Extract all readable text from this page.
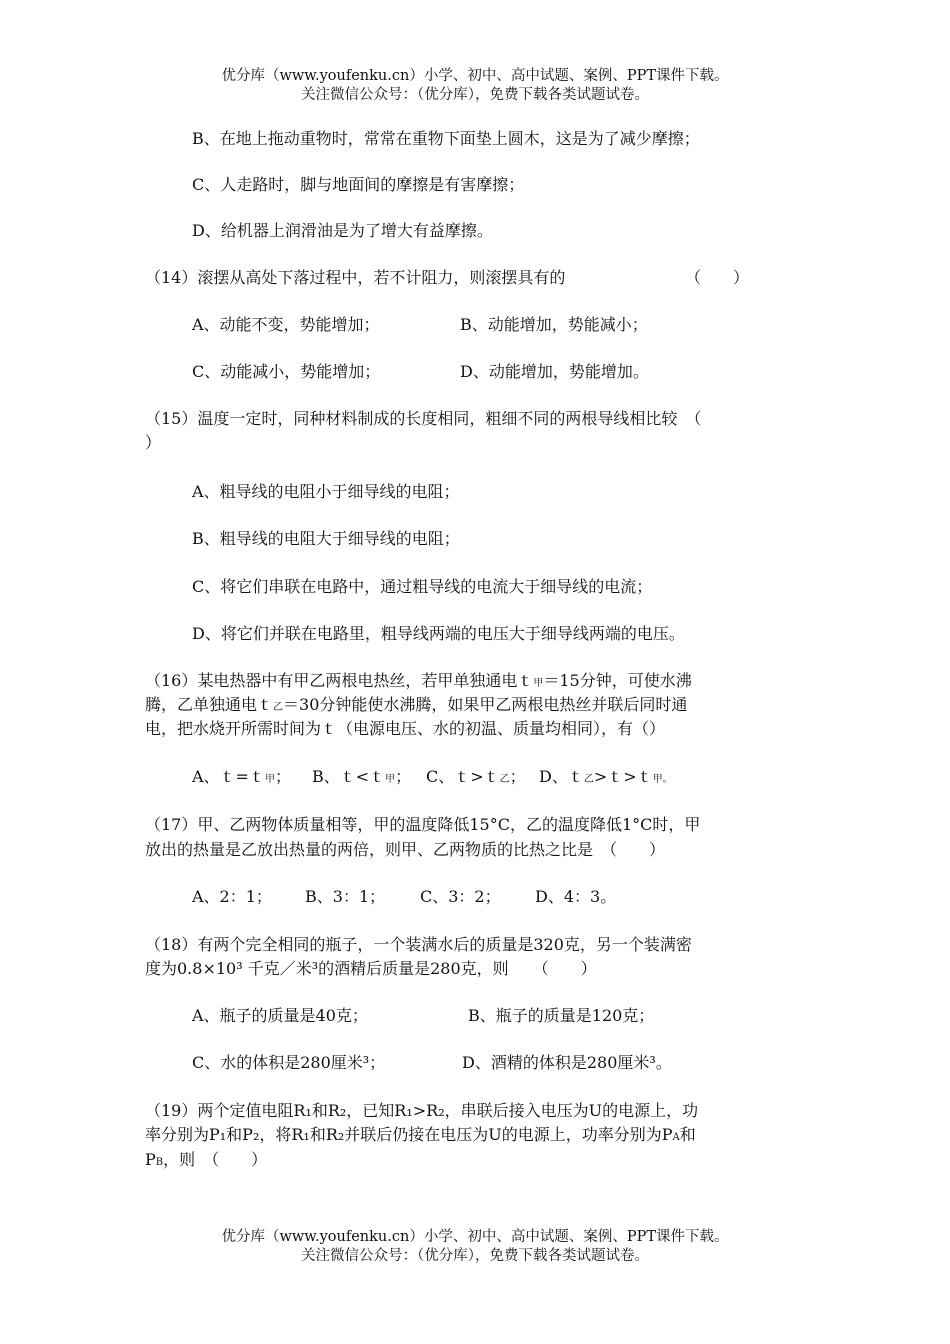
优分库（www.youfenku.cn）小学、初中、高中试题、案例、PPT课件下载。
关注微信公众号：（优分库），免费下载各类试题试卷。
B、在地上拖动重物时，常常在重物下面垫上圆木，这是为了减少摩擦；
C、人走路时，脚与地面间的摩擦是有害摩擦；
D、给机器上润滑油是为了增大有益摩擦。
（14）滚摆从高处下落过程中，若不计阻力，则滚摆具有的	（　　）
A、动能不变，势能增加；	B、动能增加，势能减小；
C、动能减小，势能增加；	D、动能增加，势能增加。
（15）温度一定时，同种材料制成的长度相同，粗细不同的两根导线相比较　（
）
A、粗导线的电阻小于细导线的电阻；
B、粗导线的电阻大于细导线的电阻；
C、将它们串联在电路中，通过粗导线的电流大于细导线的电流；
D、将它们并联在电路里，粗导线两端的电压大于细导线两端的电压。
（16）某电热器中有甲乙两根电热丝，若甲单独通电ｔ甲＝15分钟，可使水沸
腾，乙单独通电ｔ乙＝30分钟能使水沸腾，如果甲乙两根电热丝并联后同时通
电，把水烧开所需时间为ｔ（电源电压、水的初温、质量均相同），有（）
A、ｔ=ｔ甲； B、ｔ<ｔ甲； C、ｔ>ｔ乙； D、ｔ乙>ｔ>ｔ甲。
（17）甲、乙两物体质量相等，甲的温度降低15°C，乙的温度降低1°C时，甲
放出的热量是乙放出热量的两倍，则甲、乙两物质的比热之比是　（　　）
A、2：1； B、3：1； C、3：2； D、4：3。
（18）有两个完全相同的瓶子，一个装满水后的质量是320克，另一个装满密
度为0.8×10³ 千克／米³的酒精后质量是280克，则　　（　　）
A、瓶子的质量是40克；	B、瓶子的质量是120克；
C、水的体积是280厘米³；	D、酒精的体积是280厘米³。
（19）两个定值电阻R₁和R₂，已知R₁>R₂，串联后接入电压为U的电源上，功
率分别为P₁和P₂，将R₁和R₂并联后仍接在电压为U的电源上，功率分别为PA和
PB，则　（　　）
优分库（www.youfenku.cn）小学、初中、高中试题、案例、PPT课件下载。
关注微信公众号：（优分库），免费下载各类试题试卷。
